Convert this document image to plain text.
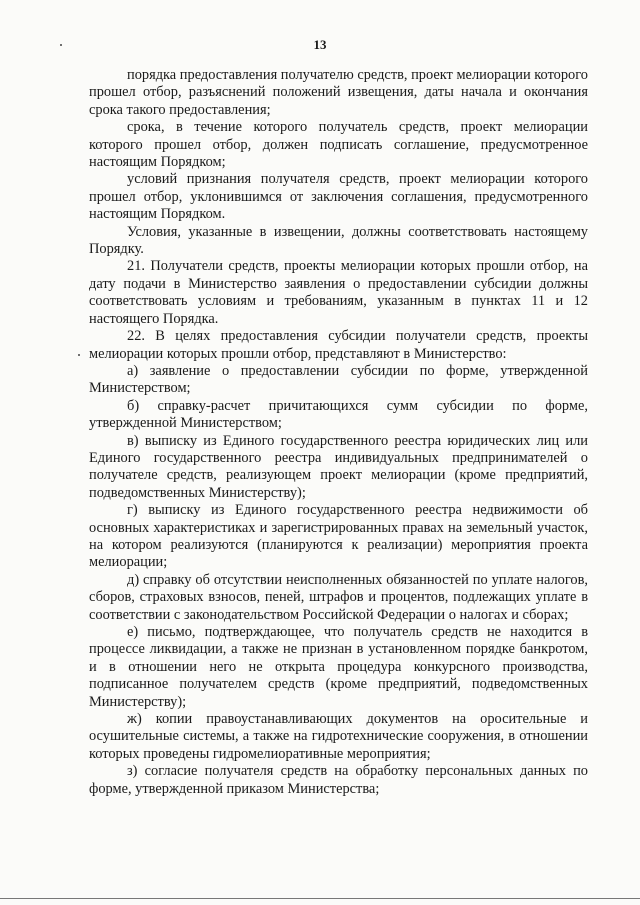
13

порядка предоставления получателю средств, проект мелиорации которого прошел отбор, разъяснений положений извещения, даты начала и окончания срока такого предоставления;

срока, в течение которого получатель средств, проект мелиорации которого прошел отбор, должен подписать соглашение, предусмотренное настоящим Порядком;

условий признания получателя средств, проект мелиорации которого прошел отбор, уклонившимся от заключения соглашения, предусмотренного настоящим Порядком.

Условия, указанные в извещении, должны соответствовать настоящему Порядку.

21. Получатели средств, проекты мелиорации которых прошли отбор, на дату подачи в Министерство заявления о предоставлении субсидии должны соответствовать условиям и требованиям, указанным в пунктах 11 и 12 настоящего Порядка.

22. В целях предоставления субсидии получатели средств, проекты мелиорации которых прошли отбор, представляют в Министерство:

а) заявление о предоставлении субсидии по форме, утвержденной Министерством;

б) справку-расчет причитающихся сумм субсидии по форме, утвержденной Министерством;

в) выписку из Единого государственного реестра юридических лиц или Единого государственного реестра индивидуальных предпринимателей о получателе средств, реализующем проект мелиорации (кроме предприятий, подведомственных Министерству);

г) выписку из Единого государственного реестра недвижимости об основных характеристиках и зарегистрированных правах на земельный участок, на котором реализуются (планируются к реализации) мероприятия проекта мелиорации;

д) справку об отсутствии неисполненных обязанностей по уплате налогов, сборов, страховых взносов, пеней, штрафов и процентов, подлежащих уплате в соответствии с законодательством Российской Федерации о налогах и сборах;

е) письмо, подтверждающее, что получатель средств не находится в процессе ликвидации, а также не признан в установленном порядке банкротом, и в отношении него не открыта процедура конкурсного производства, подписанное получателем средств (кроме предприятий, подведомственных Министерству);

ж) копии правоустанавливающих документов на оросительные и осушительные системы, а также на гидротехнические сооружения, в отношении которых проведены гидромелиоративные мероприятия;

з) согласие получателя средств на обработку персональных данных по форме, утвержденной приказом Министерства;
